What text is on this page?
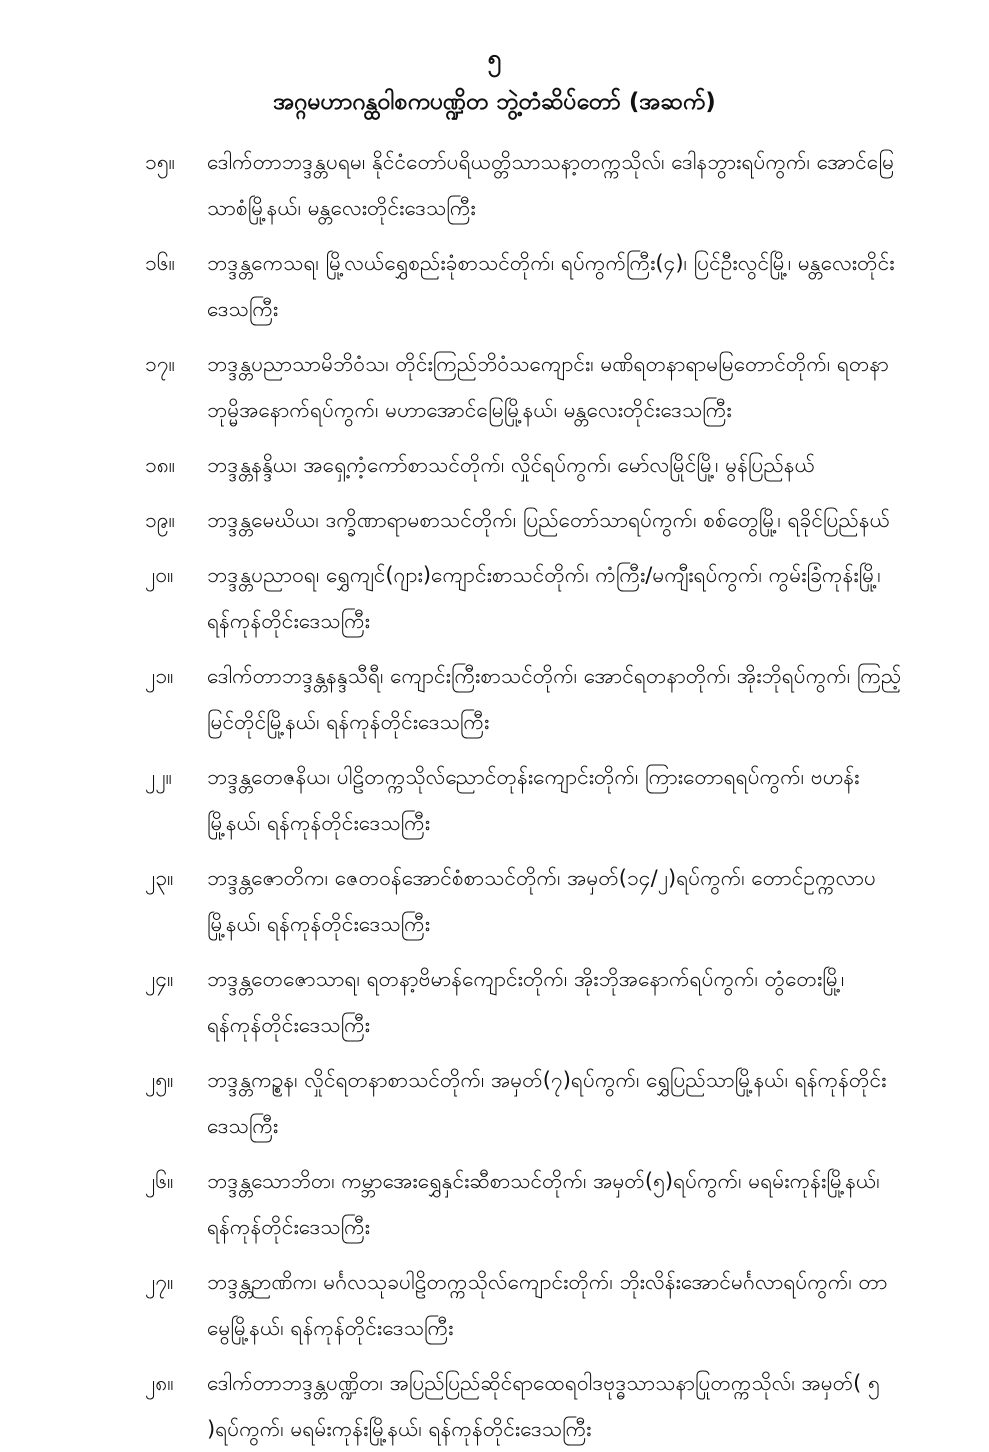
၅
အဂ္ဂမဟာဂန္ထဝါစကပဏ္ဍိတ ဘွဲ့တံဆိပ်တော် (အဆက်)
၁၅။	ဒေါက်တာဘဒ္ဒန္တပရမ၊ နိုင်ငံတော်ပရိယတ္တိသာသနာ့တက္ကသိုလ်၊ ဒေါနဘွားရပ်ကွက်၊ အောင်မြေသာစံမြို့နယ်၊ မန္တလေးတိုင်းဒေသကြီး
၁၆။	ဘဒ္ဒန္တကေသရ၊ မြို့လယ်ရွှေစည်းခုံစာသင်တိုက်၊ ရပ်ကွက်ကြီး(၄)၊ ပြင်ဦးလွင်မြို့၊ မန္တလေးတိုင်းဒေသကြီး
၁၇။	ဘဒ္ဒန္တပညာသာမိဘိဝံသ၊ တိုင်းကြည်ဘိဝံသကျောင်း၊ မဏိရတနာရာမမြတောင်တိုက်၊ ရတနာဘုမ္မိအနောက်ရပ်ကွက်၊ မဟာအောင်မြေမြို့နယ်၊ မန္တလေးတိုင်းဒေသကြီး
၁၈။	ဘဒ္ဒန္တနန္ဒိယ၊ အရှေ့ကံ့ကော်စာသင်တိုက်၊ လှိုင်ရပ်ကွက်၊ မော်လမြိုင်မြို့၊ မွန်ပြည်နယ်
၁၉။	ဘဒ္ဒန္တမေဃိယ၊ ဒက္ခိဏာရာမစာသင်တိုက်၊ ပြည်တော်သာရပ်ကွက်၊ စစ်တွေမြို့၊ ရခိုင်ပြည်နယ်
၂၀။	ဘဒ္ဒန္တပညာဝရ၊ ရွှေကျင်(ဂျား)ကျောင်းစာသင်တိုက်၊ ကံကြီး/မကျီးရပ်ကွက်၊ ကွမ်းခြံကုန်းမြို့၊ ရန်ကုန်တိုင်းဒေသကြီး
၂၁။	ဒေါက်တာဘဒ္ဒန္တနန္ဒသီရီ၊ ကျောင်းကြီးစာသင်တိုက်၊ အောင်ရတနာတိုက်၊ အိုးဘိုရပ်ကွက်၊ ကြည့်မြင်တိုင်မြို့နယ်၊ ရန်ကုန်တိုင်းဒေသကြီး
၂၂။	ဘဒ္ဒန္တတေဇနိယ၊ ပါဠိတက္ကသိုလ်ညောင်တုန်းကျောင်းတိုက်၊ ကြားတောရရပ်ကွက်၊ ဗဟန်းမြို့နယ်၊ ရန်ကုန်တိုင်းဒေသကြီး
၂၃။	ဘဒ္ဒန္တဇောတိက၊ ဇေတဝန်အောင်စံစာသင်တိုက်၊ အမှတ်(၁၄/၂)ရပ်ကွက်၊ တောင်ဥက္ကလာပမြို့နယ်၊ ရန်ကုန်တိုင်းဒေသကြီး
၂၄။	ဘဒ္ဒန္တတေဇောသာရ၊ ရတနာ့ဗိမာန်ကျောင်းတိုက်၊ အိုးဘိုအနောက်ရပ်ကွက်၊ တွံတေးမြို့၊ ရန်ကုန်တိုင်းဒေသကြီး
၂၅။	ဘဒ္ဒန္တကဉ္စန၊ လှိုင်ရတနာစာသင်တိုက်၊ အမှတ်(၇)ရပ်ကွက်၊ ရွှေပြည်သာမြို့နယ်၊ ရန်ကုန်တိုင်းဒေသကြီး
၂၆။	ဘဒ္ဒန္တသောဘိတ၊ ကမ္ဘာအေးရွှေနှင်းဆီစာသင်တိုက်၊ အမှတ်(၅)ရပ်ကွက်၊ မရမ်းကုန်းမြို့နယ်၊ ရန်ကုန်တိုင်းဒေသကြီး
၂၇။	ဘဒ္ဒန္တဉာဏိက၊ မင်္ဂလသုခပါဠိတက္ကသိုလ်ကျောင်းတိုက်၊ ဘိုးလိန်းအောင်မင်္ဂလာရပ်ကွက်၊ တာမွေမြို့နယ်၊ ရန်ကုန်တိုင်းဒေသကြီး
၂၈။	ဒေါက်တာဘဒ္ဒန္တပဏ္ဍိတ၊ အပြည်ပြည်ဆိုင်ရာထေရဝါဒဗုဒ္ဓသာသနာပြုတက္ကသိုလ်၊ အမှတ်( ၅ )ရပ်ကွက်၊ မရမ်းကုန်းမြို့နယ်၊ ရန်ကုန်တိုင်းဒေသကြီး
